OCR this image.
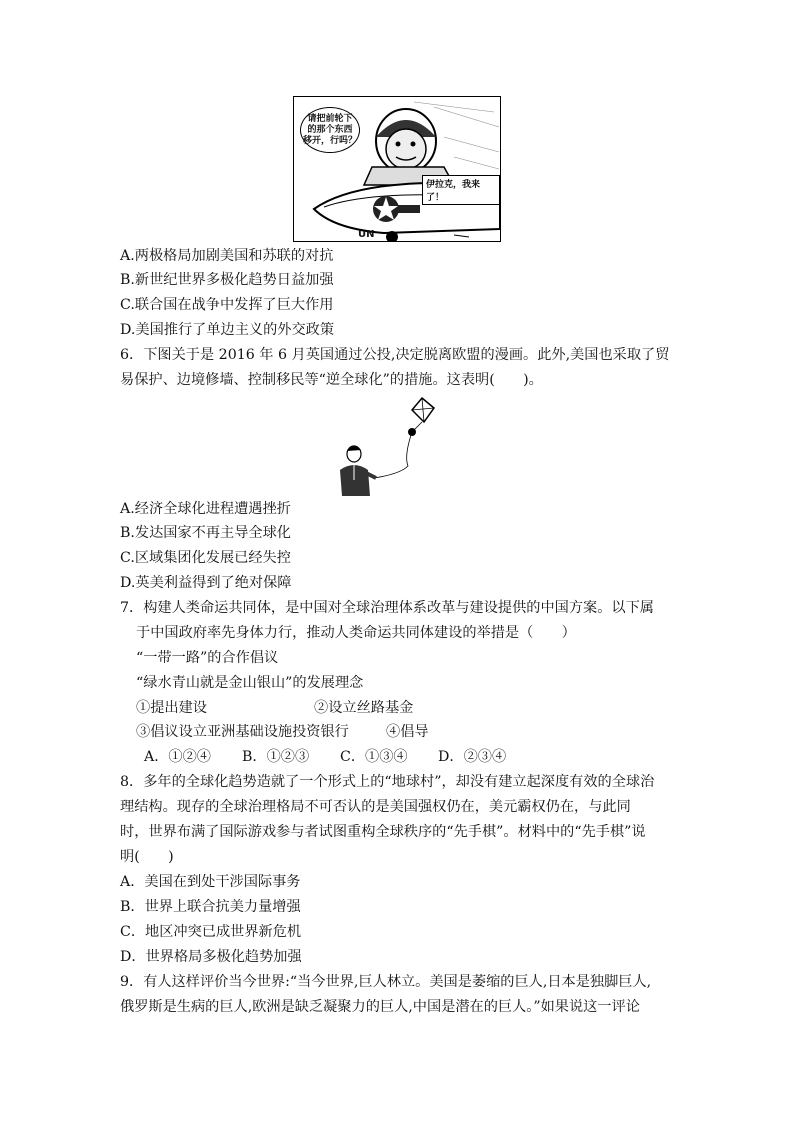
请把前轮下
的那个东西
移开，行吗？
伊拉克，我来了！
UN
A.两极格局加剧美国和苏联的对抗
B.新世纪世界多极化趋势日益加强
C.联合国在战争中发挥了巨大作用
D.美国推行了单边主义的外交政策
6．下图关于是 2016 年 6 月英国通过公投,决定脱离欧盟的漫画。此外,美国也采取了贸
易保护、边境修墙、控制移民等“逆全球化”的措施。这表明(　　)。
A.经济全球化进程遭遇挫折
B.发达国家不再主导全球化
C.区域集团化发展已经失控
D.英美利益得到了绝对保障
7．构建人类命运共同体，是中国对全球治理体系改革与建设提供的中国方案。以下属
于中国政府率先身体力行，推动人类命运共同体建设的举措是（　　）
“一带一路”的合作倡议
“绿水青山就是金山银山”的发展理念
①提出建设	②设立丝路基金
③倡议设立亚洲基础设施投资银行	④倡导
A．①②④ B．①②③ C．①③④ D．②③④
8．多年的全球化趋势造就了一个形式上的“地球村”，却没有建立起深度有效的全球治
理结构。现存的全球治理格局不可否认的是美国强权仍在，美元霸权仍在，与此同
时，世界布满了国际游戏参与者试图重构全球秩序的“先手棋”。材料中的“先手棋”说
明(　　)
A．美国在到处干涉国际事务
B．世界上联合抗美力量增强
C．地区冲突已成世界新危机
D．世界格局多极化趋势加强
9．有人这样评价当今世界:“当今世界,巨人林立。美国是萎缩的巨人,日本是独脚巨人,
俄罗斯是生病的巨人,欧洲是缺乏凝聚力的巨人,中国是潜在的巨人。”如果说这一评论
